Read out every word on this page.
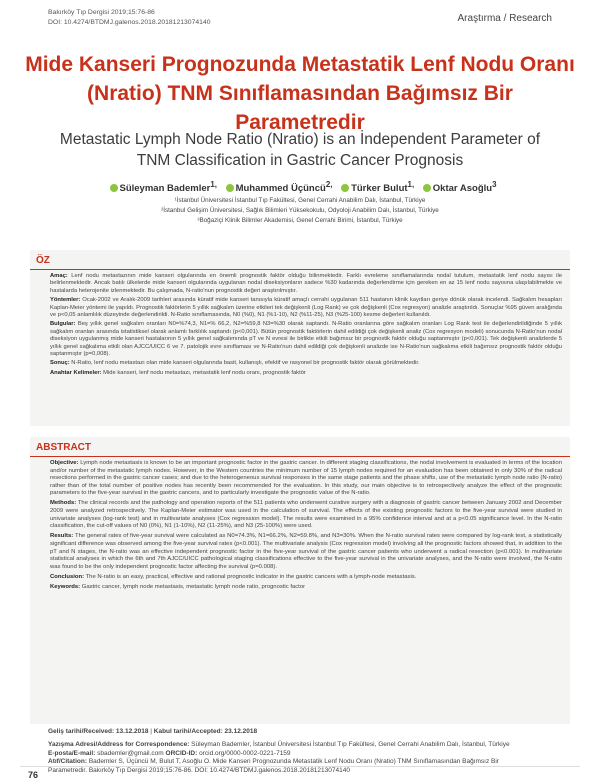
Bakırköy Tıp Dergisi 2019;15:76-86
DOI: 10.4274/BTDMJ.galenos.2018.20181213074140	Araştırma / Research
Mide Kanseri Prognozunda Metastatik Lenf Nodu Oranı (Nratio) TNM Sınıflamasından Bağımsız Bir Parametredir
Metastatic Lymph Node Ratio (Nratio) is an İndependent Parameter of TNM Classification in Gastric Cancer Prognosis
Süleyman Bademler$^{1,}$ Muhammed Üçüncü$^{2,}$ Türker Bulut$^{1,}$ Oktar Asoğlu$^3$
¹İstanbul Üniversitesi İstanbul Tıp Fakültesi, Genel Cerrahi Anabilim Dalı, İstanbul, Türkiye
²İstanbul Gelişim Üniversitesi, Sağlık Bilimleri Yüksekokulu, Odyoloji Anabilim Dalı, İstanbul, Türkiye
³Boğaziçi Klinik Bilimler Akademisi, Genel Cerrahi Birimi, İstanbul, Türkiye
ÖZ

Amaç: Lenf nodu metastazının mide kanseri olgularında en önemli prognostik faktör olduğu bilinmektedir. Farklı evreleme sınıflamalarında nodal tutulum, metastatik lenf nodu sayısı ile belirlenmektedir. Ancak batılı ülkelerde mide kanseri olgularında uygulanan nodal diseksiyonların sadece %30 kadarında değerlendirme için gereken en az 15 lenf nodu sayısına ulaşılabilmekte ve hastalarda heterojenite izlenmektedir. Bu çalışmada, N-ratio'nun prognostik değeri araştırılmıştır.

Yöntemler: Ocak-2002 ve Aralık-2009 tarihleri arasında küratif mide kanseri tanısıyla küratif amaçlı cerrahi uygulanan 511 hastanın klinik kayıtları geriye dönük olarak incelendi. Sağkalım hesapları Kaplan-Meier yöntemi ile yapıldı. Prognostik faktörlerin 5 yıllık sağkalım üzerine etkileri tek değişkenli (Log Rank) ve çok değişkenli (Cox regresyon) analizle araştırıldı. Sonuçlar %95 güven aralığında ve p<0,05 anlamlılık düzeyinde değerlendirildi. N-Ratio sınıflamasında, N0 (%0), N1 (%1-10), N2 (%11-25), N3 (%25-100) kesme değerleri kullanıldı.

Bulgular: Beş yıllık genel sağkalım oranları N0=%74,3, N1=% 66,2, N2=%59,8 N3=%30 olarak saptandı. N-Ratio oranlarına göre sağkalım oranları Log Rank test ile değerlendirildiğinde 5 yıllık sağkalım oranları arasında istatistiksel olarak anlamlı farklılık saptandı (p<0,001). Bütün prognostik faktörlerin dahil edildiği çok değişkenli analiz (Cox regresyon modeli) sonucunda N-Ratio'nun nodal diseksiyon uygulanmış mide kanseri hastalarının 5 yıllık genel sağkalımında pT ve N evresi ile birlikte etkili bağımsız bir prognostik faktör olduğu saptanmıştır (p<0,001). Tek değişkenli analizlerde 5 yıllık genel sağkalıma etkili olan AJCC/UICC 6 ve 7. patolojik evre sınıflaması ve N-Ratio'nun dahil edildiği çok değişkenli analizde ise N-Ratio'nun sağkalıma etkili bağımsız prognostik faktör olduğu saptanmıştır (p=0,008).

Sonuç: N-Ratio, lenf nodu metastazı olan mide kanseri olgularında basit, kullanışlı, efektif ve rasyonel bir prognostik faktör olarak görülmektedir.

Anahtar Kelimeler: Mide kanseri, lenf nodu metastazı, metastatik lenf nodu oranı, prognostik faktör

ABSTRACT

Objective: Lymph node metastasis is known to be an important prognostic factor in the gastric cancer. In different staging classifications, the nodal involvement is evaluated in terms of the location and/or number of the metastatic lymph nodes. However, in the Western countries the minimum number of 15 lymph nodes required for an evaluation has been obtained in only 30% of the radical resections performed in the gastric cancer cases; and due to the heterogeneous survival responses in the same stage patients and the phase shifts, use of the metastatic lymph node ratio (N-ratio) rather than of the total number of positive nodes has recently been recommended for the evaluation. In this study, our main objective is to retrospectively analyze the effect of the prognostic parameters to the five-year survival in the gastric cancers, and to particularly investigate the prognostic value of the N-ratio.

Methods: The clinical records and the pathology and operation reports of the 511 patients who underwent curative surgery with a diagnosis of gastric cancer between January 2002 and December 2009 were analyzed retrospectively. The Kaplan-Meier estimator was used in the calculation of survival. The effects of the existing prognostic factors to the five-year survival were studied in univariate analyses (log-rank test) and in multivariate analyses (Cox regression model). The results were examined in a 95% confidence interval and at a p<0.05 significance level. In the N-ratio classification, the cut-off values of N0 (0%), N1 (1-10%), N2 (11-25%), and N3 (25-100%) were used.

Results: The general rates of five-year survival were calculated as N0=74.3%, N1=66.2%, N2=59.8%, and N3=30%. When the N-ratio survival rates were compared by log-rank test, a statistically significant difference was observed among the five-year survival rates (p<0.001). The multivariate analysis (Cox regression model) involving all the prognostic factors showed that, in addition to the pT and N stages, the N-ratio was an effective independent prognostic factor in the five-year survival of the gastric cancer patients who underwent a radical resection (p<0.001). In multivariate statistical analyses in which the 6th and 7th AJCC/UICC pathological staging classifications effective to the five-year survival in the univariate analyses, and the N-ratio were involved, the N-ratio was found to be the only independent prognostic factor affecting the survival (p=0.008).

Conclusion: The N-ratio is an easy, practical, effective and rational prognostic indicator in the gastric cancers with a lymph-node metastasis.

Keywords: Gastric cancer, lymph node metastasis, metastatic lymph node ratio, prognostic factor

Geliş tarihi/Received: 13.12.2018 | Kabul tarihi/Accepted: 23.12.2018
Yazışma Adresi/Address for Correspondence: Süleyman Bademler, İstanbul Üniversitesi İstanbul Tıp Fakültesi, Genel Cerrahi Anabilim Dalı, İstanbul, Türkiye
E-posta/E-mail: sbademler@gmail.com ORCID-ID: orcid.org/0000-0002-0221-7159
Atıf/Citation: Bademler S, Üçüncü M, Bulut T, Asoğlu O. Mide Kanseri Prognozunda Metastatik Lenf Nodu Oranı (Nratio) TNM Sınıflamasından Bağımsız Bir Parametredir. Bakırköy Tıp Dergisi 2019;15:76-86. DOI: 10.4274/BTDMJ.galenos.2018.20181213074140
76
